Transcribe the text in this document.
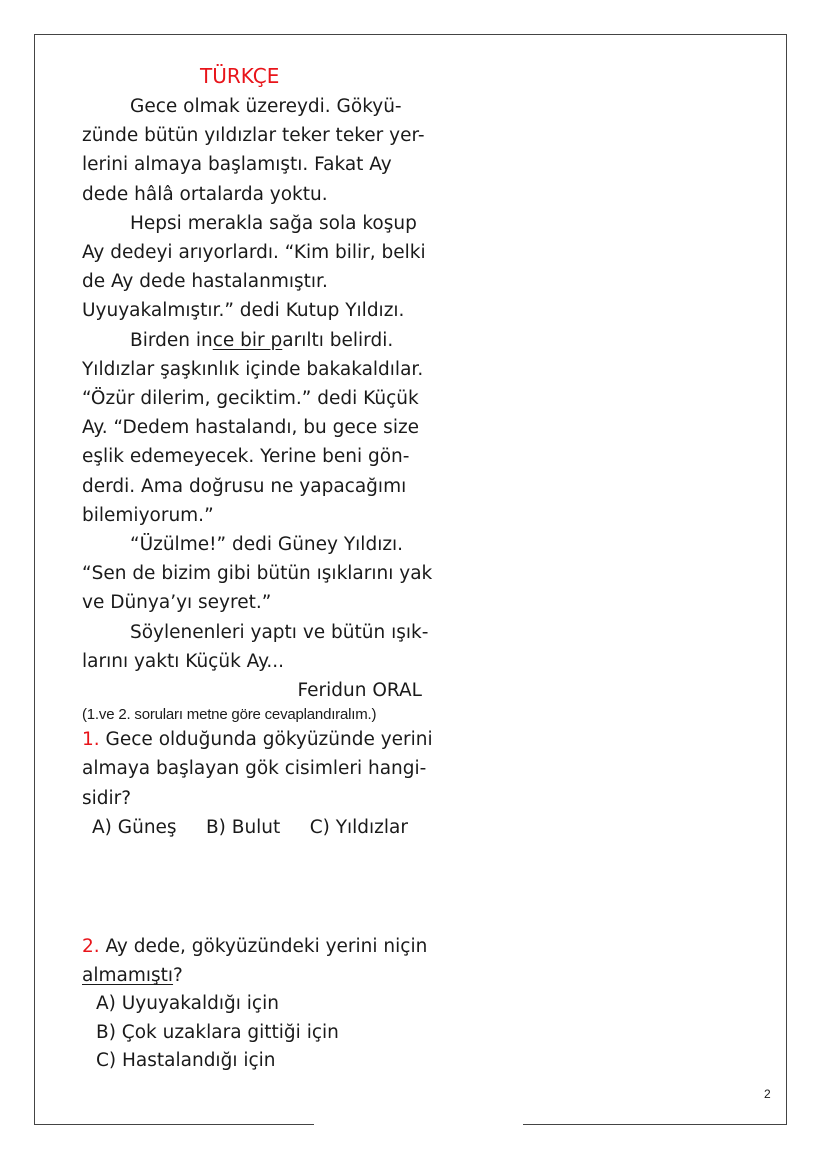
TÜRKÇE
Gece olmak üzereydi. Gökyü-
zünde bütün yıldızlar teker teker yer-
lerini almaya başlamıştı. Fakat Ay
dede hâlâ ortalarda yoktu.
Hepsi merakla sağa sola koşup
Ay dedeyi arıyorlardı. “Kim bilir, belki
de Ay dede hastalanmıştır.
Uyuyakalmıştır.” dedi Kutup Yıldızı.
Birden ince bir parıltı belirdi.
Yıldızlar şaşkınlık içinde bakakaldılar.
“Özür dilerim, geciktim.” dedi Küçük
Ay. “Dedem hastalandı, bu gece size
eşlik edemeyecek. Yerine beni gön-
derdi. Ama doğrusu ne yapacağımı
bilemiyorum.”
“Üzülme!” dedi Güney Yıldızı.
“Sen de bizim gibi bütün ışıklarını yak
ve Dünya’yı seyret.”
Söylenenleri yaptı ve bütün ışık-
larını yaktı Küçük Ay...
Feridun ORAL
(1.ve 2. soruları metne göre cevaplandıralım.)
1. Gece olduğunda gökyüzünde yerini
almaya başlayan gök cisimleri hangi-
sidir?
A) Güneş     B) Bulut     C) Yıldızlar
2. Ay dede, gökyüzündeki yerini niçin
almamıştı?
A) Uyuyakaldığı için
B) Çok uzaklara gittiği için
C) Hastalandığı için
2
